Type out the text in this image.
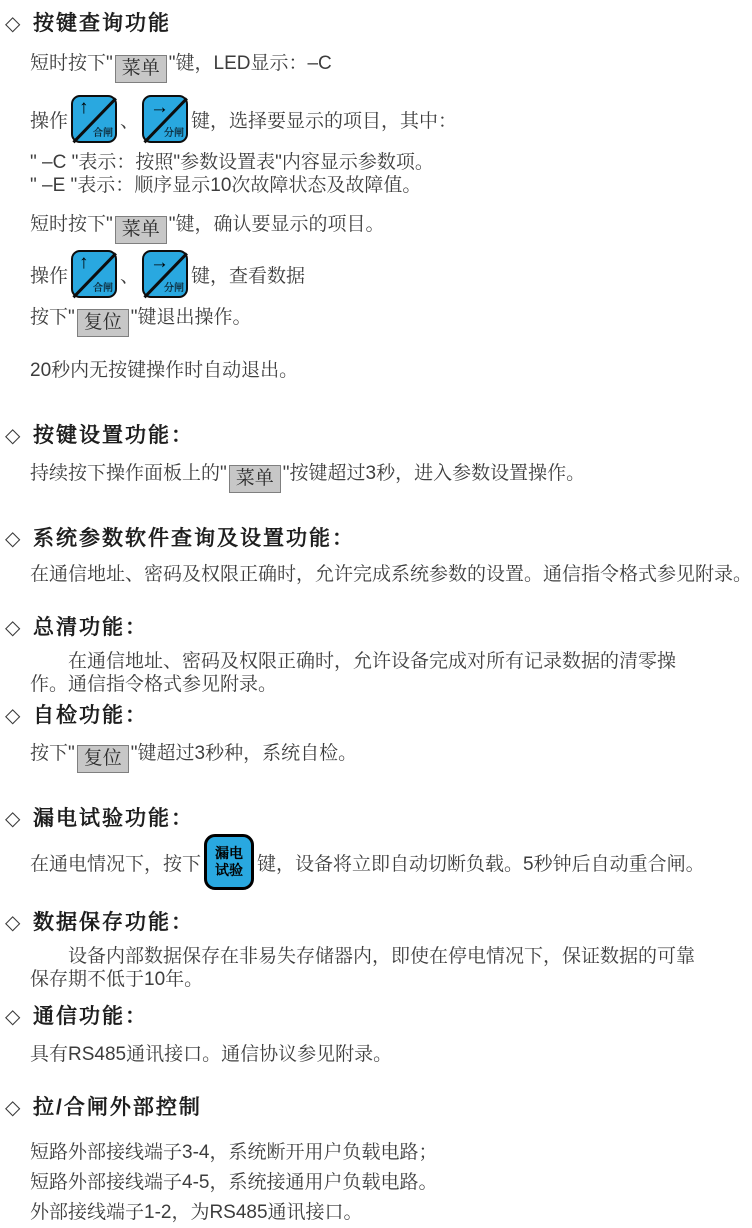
◇ 按键查询功能

短时按下" 菜单 "键，LED显示：–C

操作
↑
合闸
、
→
分闸
键，选择要显示的项目，其中：

" –C "表示：按照"参数设置表"内容显示参数项。

" –E "表示：顺序显示10次故障状态及故障值。

短时按下" 菜单 "键，确认要显示的项目。

操作
↑
合闸
、
→
分闸
键，查看数据

按下" 复位 "键退出操作。

20秒内无按键操作时自动退出。

◇ 按键设置功能：

持续按下操作面板上的" 菜单 "按键超过3秒，进入参数设置操作。

◇ 系统参数软件查询及设置功能：

在通信地址、密码及权限正确时，允许完成系统参数的设置。通信指令格式参见附录。

◇ 总清功能：

在通信地址、密码及权限正确时，允许设备完成对所有记录数据的清零操作。通信指令格式参见附录。

◇ 自检功能：

按下" 复位 "键超过3秒种，系统自检。

◇ 漏电试验功能：
在通电情况下，按下
漏电
试验 键，设备将立即自动切断负载。5秒钟后自动重合闸。
◇ 数据保存功能：

设备内部数据保存在非易失存储器内，即使在停电情况下，保证数据的可靠保存期不低于10年。

◇ 通信功能：

具有RS485通讯接口。通信协议参见附录。

◇ 拉/合闸外部控制

短路外部接线端子3-4，系统断开用户负载电路；

短路外部接线端子4-5，系统接通用户负载电路。

外部接线端子1-2，为RS485通讯接口。
